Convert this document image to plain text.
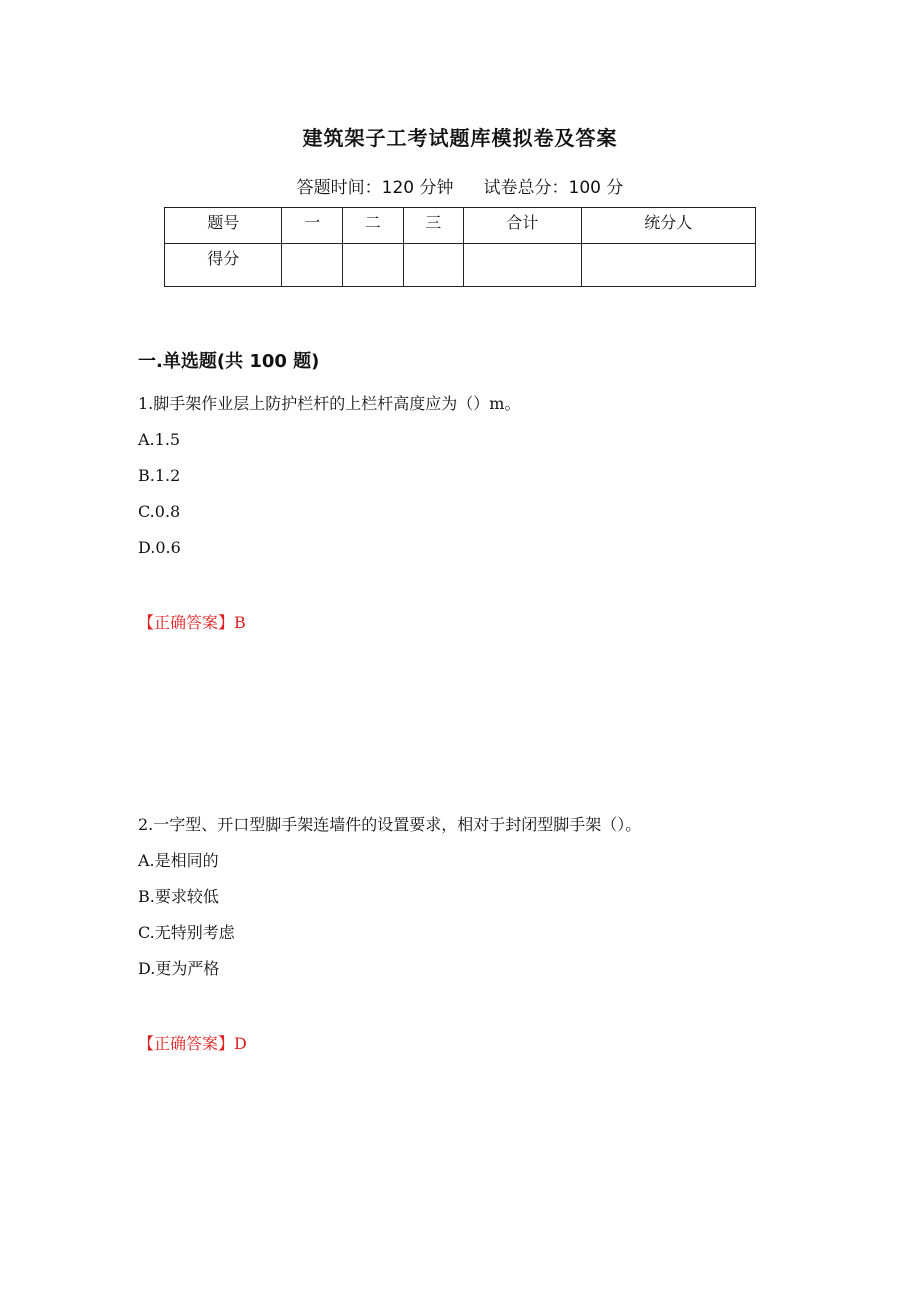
建筑架子工考试题库模拟卷及答案
答题时间：120 分钟 试卷总分：100 分
题号	一	二	三	合计	统分人
得分					
一.单选题(共 100 题)
1.脚手架作业层上防护栏杆的上栏杆高度应为（）m。
A.1.5
B.1.2
C.0.8
D.0.6
【正确答案】B
2.一字型、开口型脚手架连墙件的设置要求，相对于封闭型脚手架（）。
A.是相同的
B.要求较低
C.无特别考虑
D.更为严格
【正确答案】D
